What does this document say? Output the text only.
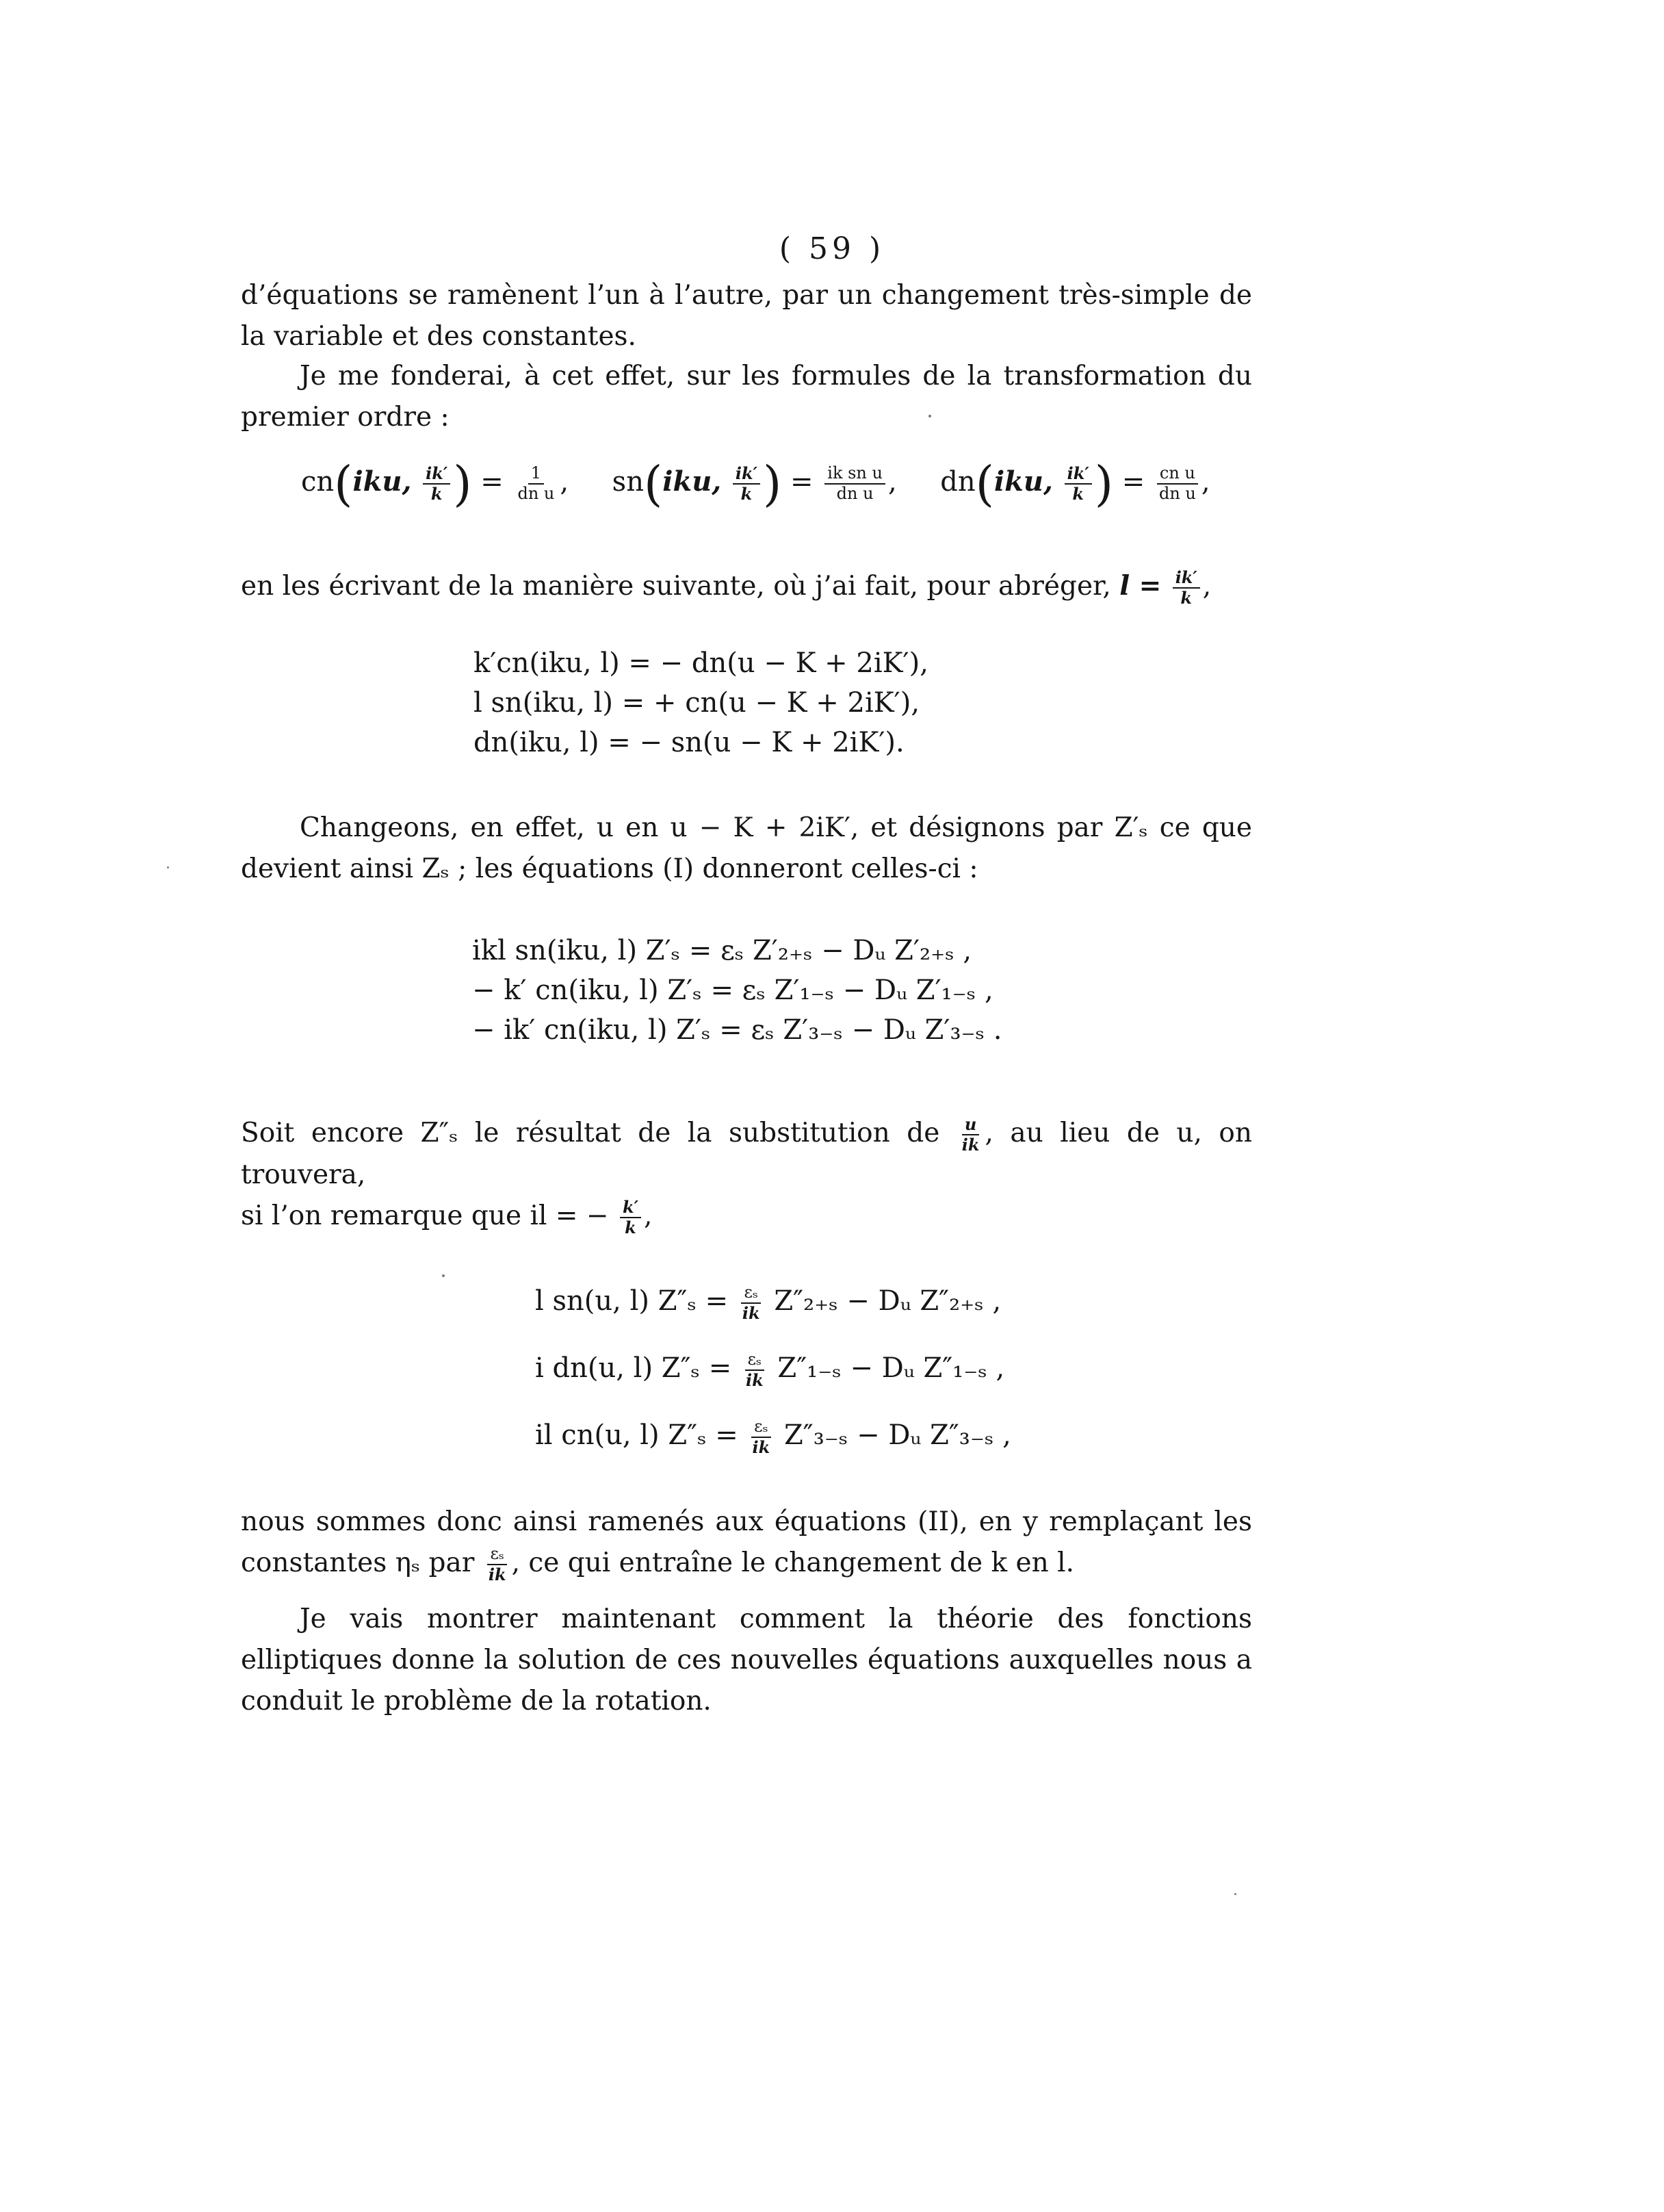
( 59 )

d’équations se ramènent l’un à l’autre, par un changement très-simple de la variable et des constantes.

Je me fonderai, à cet effet, sur les formules de la transformation du premier ordre :

cn(iku, $\frac{ik'}{k}$ ) = $\frac{1}{\text{dn u}}$ ,     sn(iku, $\frac{ik'}{k}$ ) = $\frac{\text{ik sn u}}{\text{dn u}}$ ,     dn(iku, $\frac{ik'}{k}$ ) = $\frac{\text{cn u}}{\text{dn u}}$ ,

en les écrivant de la manière suivante, où j’ai fait, pour abréger, $l = \frac{ik'}{k}$ ,

k′cn(iku, l) = − dn(u − K + 2iK′),
l sn(iku, l) = + cn(u − K + 2iK′),
dn(iku, l) = − sn(u − K + 2iK′).

Changeons, en effet, u en u − K + 2iK′, et désignons par Z′ₛ ce que devient ainsi Zₛ ; les équations (I) donneront celles-ci :

ikl sn(iku, l) Z′ₛ = εₛ Z′₂₊ₛ − Dᵤ Z′₂₊ₛ ,
− k′ cn(iku, l) Z′ₛ = εₛ Z′₁₋ₛ − Dᵤ Z′₁₋ₛ ,
− ik′ cn(iku, l) Z′ₛ = εₛ Z′₃₋ₛ − Dᵤ Z′₃₋ₛ .

Soit encore Z″ₛ le résultat de la substitution de $\frac{u}{ik}$ , au lieu de u, on trouvera,
si l’on remarque que il = − $\frac{k'}{k}$ ,

l sn(u, l) $Z''_s = \frac{\text{εₛ}}{ik} Z''_{2+s}$ − Dᵤ Z″₂₊ₛ ,
i dn(u, l) $Z''_s = \frac{\text{εₛ}}{ik} Z''_{1-s}$ − Dᵤ Z″₁₋ₛ ,
il cn(u, l) $Z''_s = \frac{\text{εₛ}}{ik} Z''_{3-s}$ − Dᵤ Z″₃₋ₛ ,

nous sommes donc ainsi ramenés aux équations (II), en y remplaçant les constantes ηₛ par $\frac{\text{εₛ}}{ik}$ , ce qui entraîne le changement de k en l.

Je vais montrer maintenant comment la théorie des fonctions elliptiques donne la solution de ces nouvelles équations auxquelles nous a conduit le problème de la rotation.
